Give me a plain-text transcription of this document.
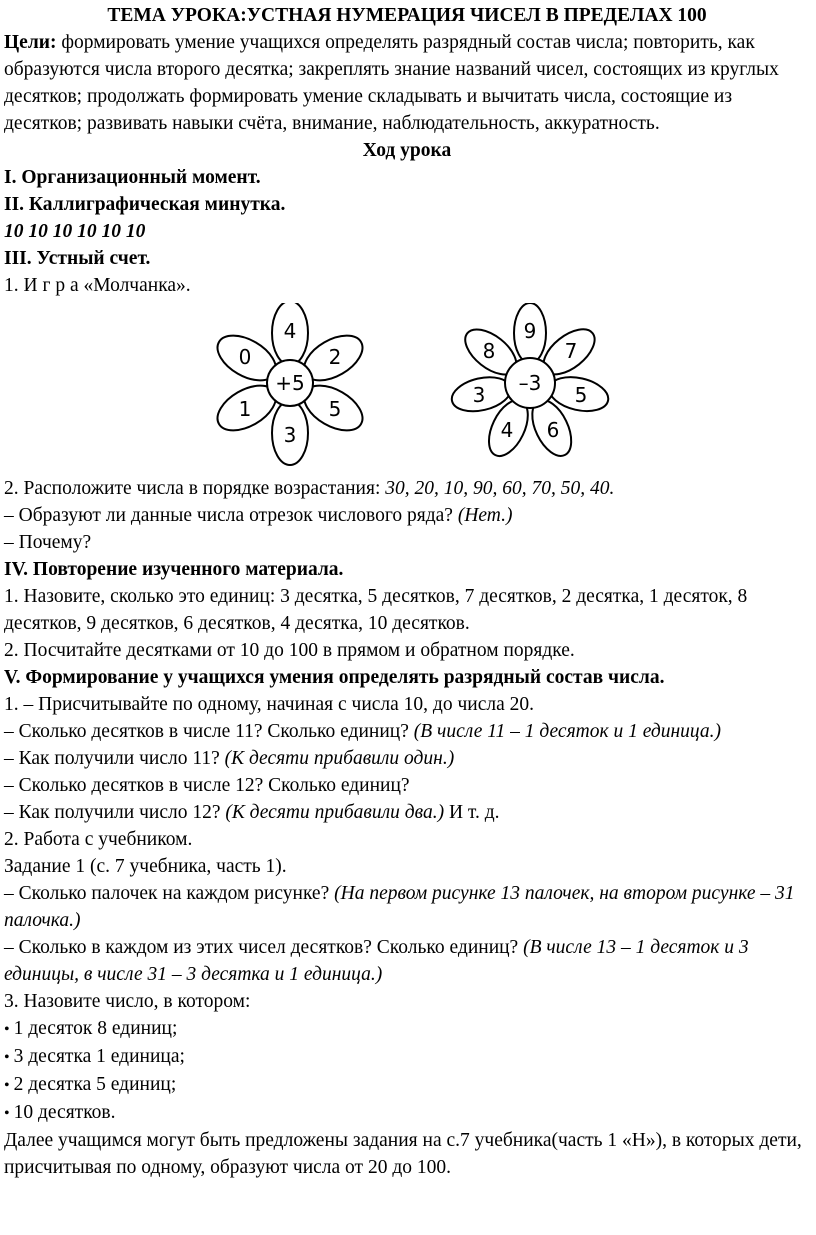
ТЕМА УРОКА:УСТНАЯ НУМЕРАЦИЯ ЧИСЕЛ В ПРЕДЕЛАХ 100

Цели: формировать умение учащихся определять разрядный состав числа; повторить, как образуются числа второго десятка; закреплять знание названий чисел, состоящих из круглых десятков; продолжать формировать умение складывать и вычитать числа, состоящие из десятков; развивать навыки счёта, внимание, наблюдательность, аккуратность.

Ход урока

I. Организационный момент.

II. Каллиграфическая минутка.

10 10 10 10 10 10

III. Устный счет.

1. И г р а «Молчанка».

+5
4
2
5
3
1
0
–3
9
7
5
6
4
3
8

2. Расположите числа в порядке возрастания: 30, 20, 10, 90, 60, 70, 50, 40.

– Образуют ли данные числа отрезок числового ряда? (Нет.)

– Почему?

IV. Повторение изученного материала.

1. Назовите, сколько это единиц: 3 десятка, 5 десятков, 7 десятков, 2 десятка, 1 десяток, 8 десятков, 9 десятков, 6 десятков, 4 десятка, 10 десятков.

2. Посчитайте десятками от 10 до 100 в прямом и обратном порядке.

V. Формирование у учащихся умения определять разрядный состав числа.

1. – Присчитывайте по одному, начиная с числа 10, до числа 20.

– Сколько десятков в числе 11? Сколько единиц? (В числе 11 – 1 десяток и 1 единица.)

– Как получили число 11? (К десяти прибавили один.)

– Сколько десятков в числе 12? Сколько единиц?

– Как получили число 12? (К десяти прибавили два.) И т. д.

2. Работа с учебником.

Задание 1 (с. 7 учебника, часть 1).

– Сколько палочек на каждом рисунке? (На первом рисунке 13 палочек, на втором рисунке – 31 палочка.)

– Сколько в каждом из этих чисел десятков? Сколько единиц? (В числе 13 – 1 десяток и 3 единицы, в числе 31 – 3 десятка и 1 единица.)

3. Назовите число, в котором:

• 1 десяток 8 единиц;

• 3 десятка 1 единица;

• 2 десятка 5 единиц;

• 10 десятков.

Далее учащимся могут быть предложены задания на с.7 учебника(часть 1 «Н»), в которых дети, присчитывая по одному, образуют числа от 20 до 100.
